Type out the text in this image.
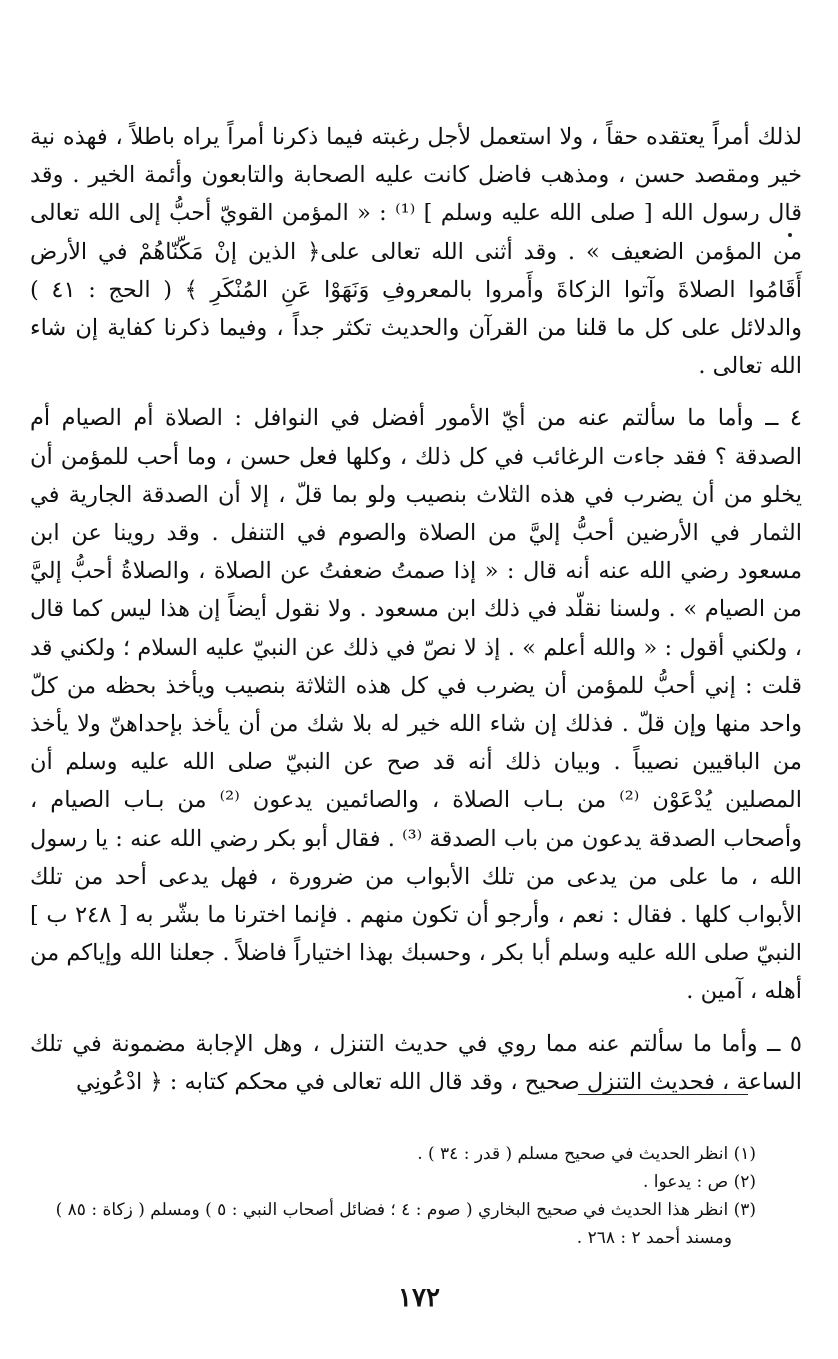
لذلك أمراً يعتقده حقاً ، ولا استعمل لأجل رغبته فيما ذكرنا أمراً يراه باطلاً ، فهذه نية خير ومقصد حسن ، ومذهب فاضل كانت عليه الصحابة والتابعون وأئمة الخير . وقد قال رسول الله [ صلى الله عليه وسلم ] ⁽¹⁾ : « المؤمن القويّ أحبُّ إلى الله تعالى من المؤمن الضعيف » . وقد أثنى الله تعالى على﴿ الذين إنْ مَكّنّاهُمْ في الأرض أَقَامُوا الصلاةَ وآتوا الزكاةَ وأَمروا بالمعروفِ وَنَهَوْا عَنِ المُنْكَرِ ﴾ ( الحج : ٤١ ) والدلائل على كل ما قلنا من القرآن والحديث تكثر جداً ، وفيما ذكرنا كفاية إن شاء الله تعالى .

٤ ــ وأما ما سألتم عنه من أيّ الأمور أفضل في النوافل : الصلاة أم الصيام أم الصدقة ؟ فقد جاءت الرغائب في كل ذلك ، وكلها فعل حسن ، وما أحب للمؤمن أن يخلو من أن يضرب في هذه الثلاث بنصيب ولو بما قلّ ، إلا أن الصدقة الجارية في الثمار في الأرضين أحبُّ إليَّ من الصلاة والصوم في التنفل . وقد روينا عن ابن مسعود رضي الله عنه أنه قال : « إذا صمتُ ضعفتُ عن الصلاة ، والصلاةُ أحبُّ إليَّ من الصيام » . ولسنا نقلّد في ذلك ابن مسعود . ولا نقول أيضاً إن هذا ليس كما قال ، ولكني أقول : « والله أعلم » . إذ لا نصّ في ذلك عن النبيّ عليه السلام ؛ ولكني قد قلت : إني أحبُّ للمؤمن أن يضرب في كل هذه الثلاثة بنصيب ويأخذ بحظه من كلّ واحد منها وإن قلّ . فذلك إن شاء الله خير له بلا شك من أن يأخذ بإحداهنّ ولا يأخذ من الباقيين نصيباً . وبيان ذلك أنه قد صح عن النبيّ صلى الله عليه وسلم أن المصلين يُدْعَوْن ⁽²⁾ من بـاب الصلاة ، والصائمين يدعون ⁽²⁾ من بـاب الصيام ، وأصحاب الصدقة يدعون من باب الصدقة ⁽³⁾ . فقال أبو بكر رضي الله عنه : يا رسول الله ، ما على من يدعى من تلك الأبواب من ضرورة ، فهل يدعى أحد من تلك الأبواب كلها . فقال : نعم ، وأرجو أن تكون منهم . فإنما اخترنا ما بشّر به [ ٢٤٨ ب ] النبيّ صلى الله عليه وسلم أبا بكر ، وحسبك بهذا اختياراً فاضلاً . جعلنا الله وإياكم من أهله ، آمين .

٥ ــ وأما ما سألتم عنه مما روي في حديث التنزل ، وهل الإجابة مضمونة في تلك الساعة ، فحديث التنزل صحيح ، وقد قال الله تعالى في محكم كتابه : ﴿ ادْعُونِي

(١) انظر الحديث في صحيح مسلم ( قدر : ٣٤ ) .

(٢) ص : يدعوا .

(٣) انظر هذا الحديث في صحيح البخاري ( صوم : ٤ ؛ فضائل أصحاب النبي : ٥ ) ومسلم ( زكاة : ٨٥ )

ومسند أحمد ٢ : ٢٦٨ .

١٧٢
